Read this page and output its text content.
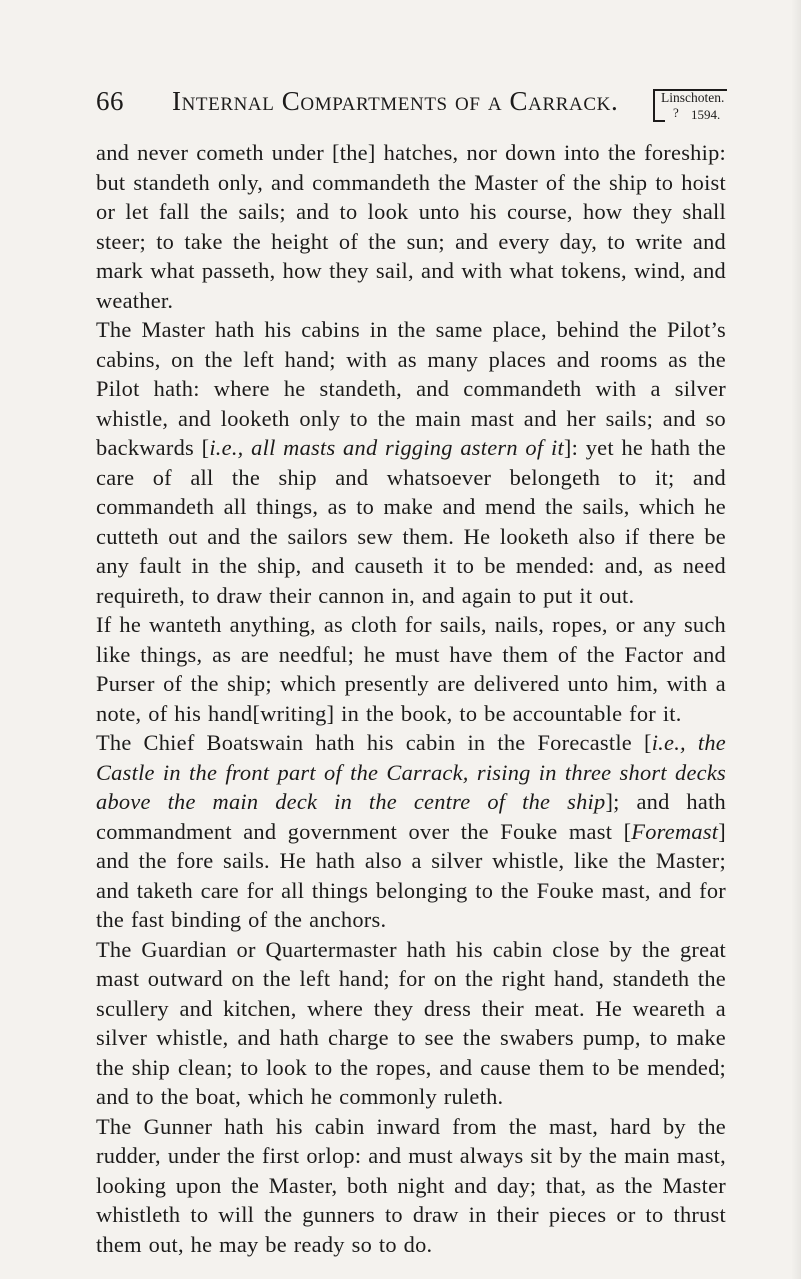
66 Internal Compartments of a Carrack.	Linschoten.
? 1594.

and never cometh under [the] hatches, nor down into the foreship: but standeth only, and commandeth the Master of the ship to hoist or let fall the sails; and to look unto his course, how they shall steer; to take the height of the sun; and every day, to write and mark what passeth, how they sail, and with what tokens, wind, and weather.

The Master hath his cabins in the same place, behind the Pilot’s cabins, on the left hand; with as many places and rooms as the Pilot hath: where he standeth, and commandeth with a silver whistle, and looketh only to the main mast and her sails; and so backwards [i.e., all masts and rigging astern of it]: yet he hath the care of all the ship and whatsoever belongeth to it; and commandeth all things, as to make and mend the sails, which he cutteth out and the sailors sew them. He looketh also if there be any fault in the ship, and causeth it to be mended: and, as need requireth, to draw their cannon in, and again to put it out.

If he wanteth anything, as cloth for sails, nails, ropes, or any such like things, as are needful; he must have them of the Factor and Purser of the ship; which presently are delivered unto him, with a note, of his hand[writing] in the book, to be accountable for it.

The Chief Boatswain hath his cabin in the Forecastle [i.e., the Castle in the front part of the Carrack, rising in three short decks above the main deck in the centre of the ship]; and hath commandment and government over the Fouke mast [Foremast] and the fore sails. He hath also a silver whistle, like the Master; and taketh care for all things belonging to the Fouke mast, and for the fast binding of the anchors.

The Guardian or Quartermaster hath his cabin close by the great mast outward on the left hand; for on the right hand, standeth the scullery and kitchen, where they dress their meat. He weareth a silver whistle, and hath charge to see the swabers pump, to make the ship clean; to look to the ropes, and cause them to be mended; and to the boat, which he commonly ruleth.

The Gunner hath his cabin inward from the mast, hard by the rudder, under the first orlop: and must always sit by the main mast, looking upon the Master, both night and day; that, as the Master whistleth to will the gunners to draw in their pieces or to thrust them out, he may be ready so to do.
